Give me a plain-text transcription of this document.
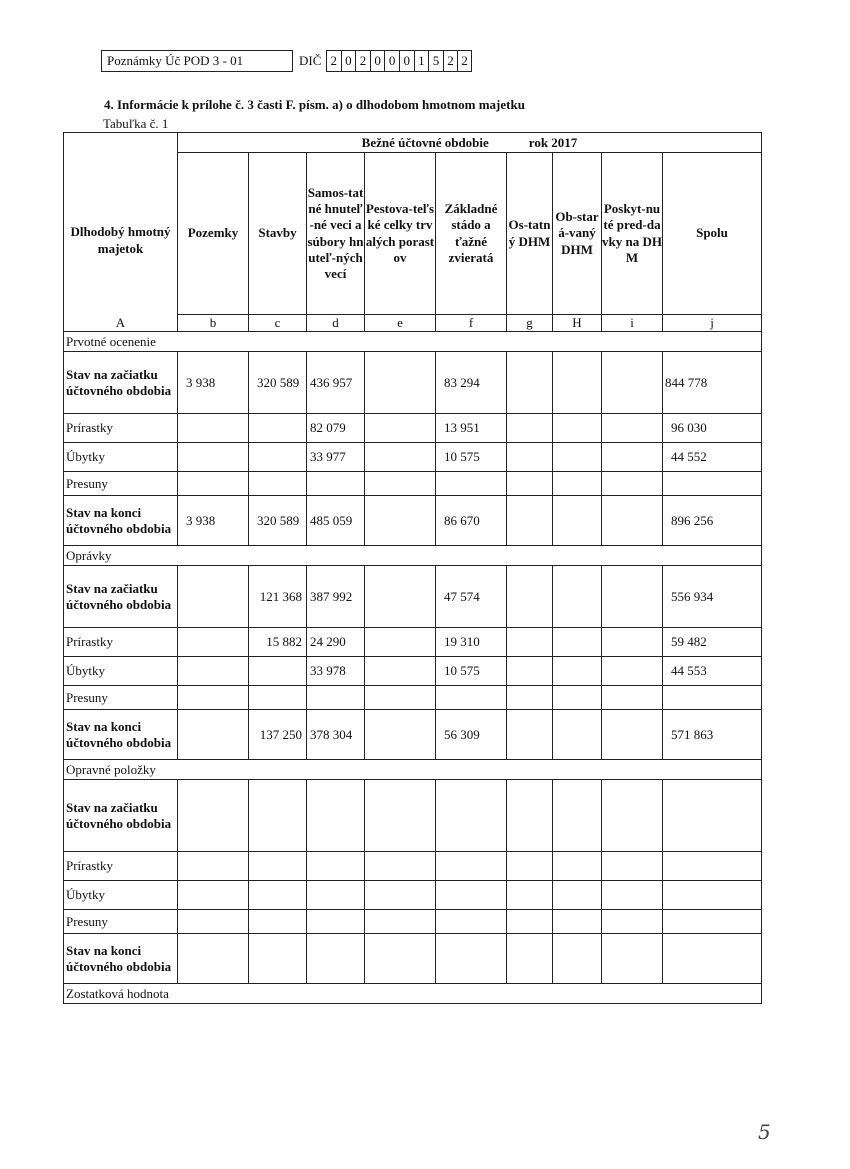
Poznámky Úč POD 3 - 01	DIČ 2 0 2 0 0 0 1 5 2 2
4. Informácie k prílohe č. 3 časti F. písm. a) o dlhodobom hmotnom majetku
Tabuľka č. 1
Dlhodobý hmotný majetok
A	Bežné účtovné obdobie rok 2017								

	Pozemky	Stavby	Samos-tatné hnuteľ-né veci a súbory hnuteľ-ných vecí	Pestova-teľské celky trvalých porastov	Základné stádo a ťažné zvieratá	Os-tatný DHM	Ob-stará-vaný DHM	Poskyt-nuté pred-davky na DHM	Spolu
	b	c	d	e	f	g	H	i	j
Prvotné ocenenie									
Stav na začiatku účtovného obdobia	3 938	320 589	436 957		83 294				844 778
Prírastky			82 079		13 951				96 030
Úbytky			33 977		10 575				44 552
Presuny									
Stav na konci účtovného obdobia	3 938	320 589	485 059		86 670				896 256
Oprávky									
Stav na začiatku účtovného obdobia		121 368	387 992		47 574				556 934
Prírastky		15 882	24 290		19 310				59 482
Úbytky			33 978		10 575				44 553
Presuny									
Stav na konci účtovného obdobia		137 250	378 304		56 309				571 863
Opravné položky									
Stav na začiatku účtovného obdobia									
Prírastky									
Úbytky									
Presuny									
Stav na konci účtovného obdobia									
Zostatková hodnota									
5
